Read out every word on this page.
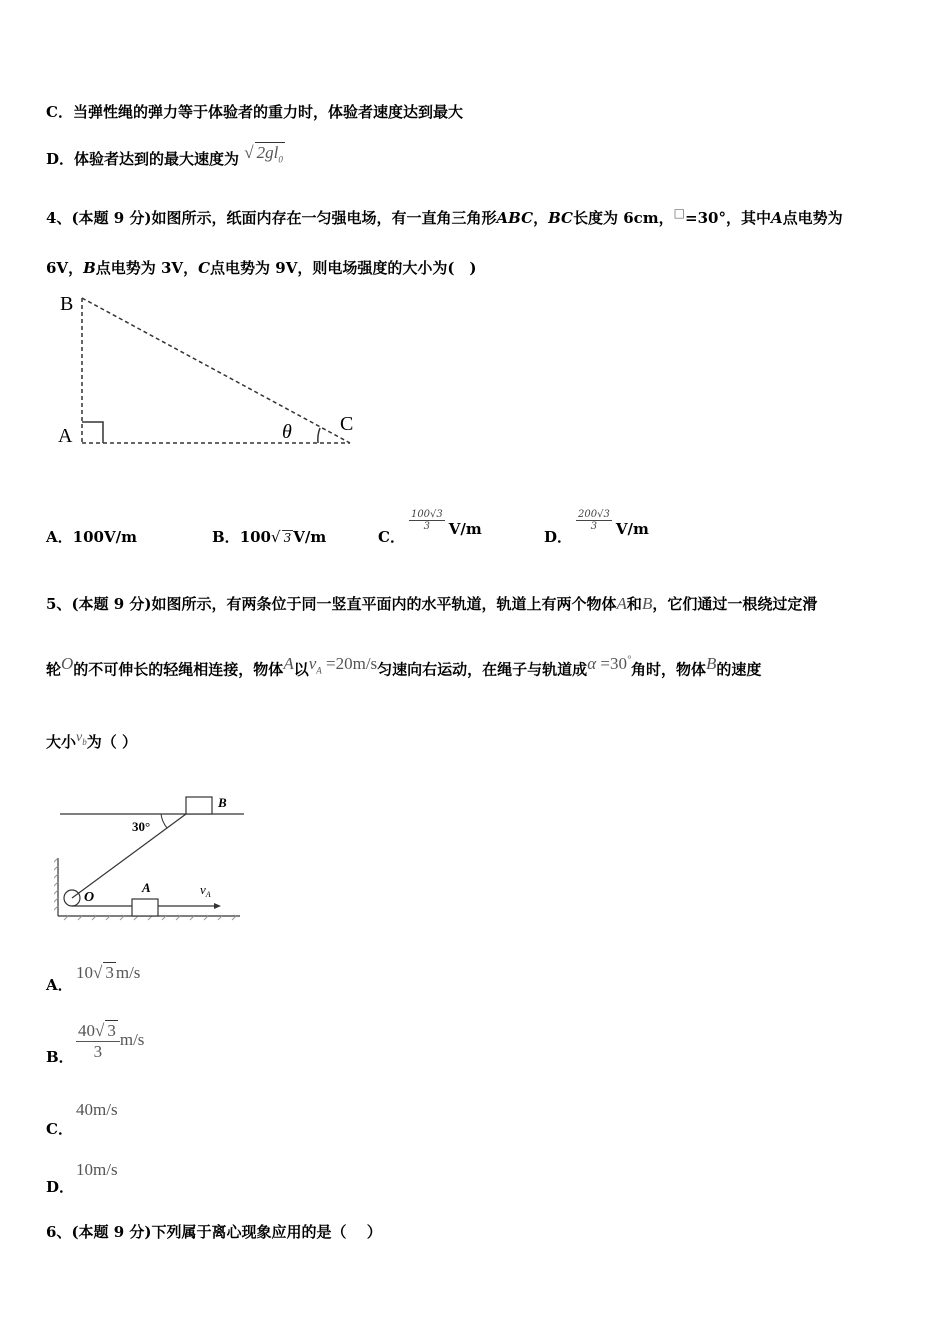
C．当弹性绳的弹力等于体验者的重力时，体验者速度达到最大
D．体验者达到的最大速度为 √ $2gl_0$
4、(本题 9 分)如图所示，纸面内存在一匀强电场，有一直角三角形ABC，BC长度为 6cm，□=30°，其中A点电势为
6V，B点电势为 3V，C点电势为 9V，则电场强度的大小为(　)
B
A
C
θ
A．100V/m	B．100√ 3 V/m	C．
$\frac{100√3}{3} V/m$	D．
$\frac{200√3}{3} V/m$
5、(本题 9 分)如图所示，有两条位于同一竖直平面内的水平轨道，轨道上有两个物体A和B，它们通过一根绕过定滑
轮O的不可伸长的轻绳相连接，物体A以$v_A =20m/s$匀速向右运动，在绳子与轨道成α =30°角时，物体B的速度
大小$v_b$为（ ）
B
30°
O
A	$v_A$
A．
10√ 3 m/s
B． $\frac{40√ 3}{3} m/s$
C．
40m/s
D．
10m/s
6、(本题 9 分)下列属于离心现象应用的是（　 ）
